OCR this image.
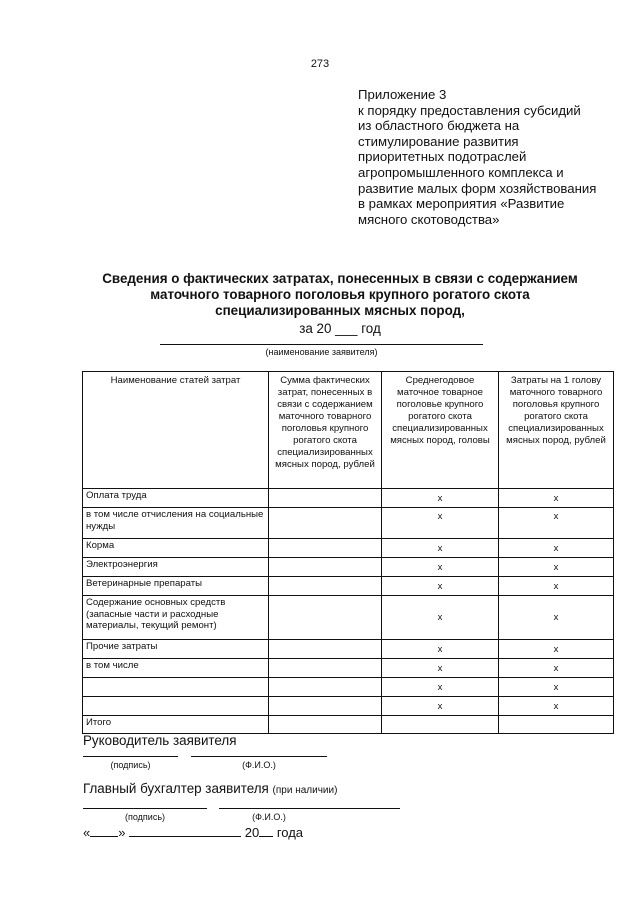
273
Приложение 3
к порядку предоставления субсидий
из областного бюджета на
стимулирование развития
приоритетных подотраслей
агропромышленного комплекса и
развитие малых форм хозяйствования
в рамках мероприятия «Развитие
мясного скотоводства»
Сведения о фактических затратах, понесенных в связи с содержанием
маточного товарного поголовья крупного рогатого скота
специализированных мясных пород,
за 20 ___ год
(наименование заявителя)
Наименование статей затрат	Сумма фактических затрат, понесенных в связи с содержанием маточного товарного поголовья крупного рогатого скота специализированных мясных пород, рублей	Среднегодовое маточное товарное поголовье крупного рогатого скота специализированных мясных пород, головы	Затраты на 1 голову маточного товарного поголовья крупного рогатого скота специализированных мясных пород, рублей
Оплата труда		x	x
в том числе отчисления на социальные нужды		x	x
Корма		x	x
Электроэнергия		x	x
Ветеринарные препараты		x	x
Содержание основных средств (запасные части и расходные материалы, текущий ремонт)		x	x
Прочие затраты		x	x
в том числе		x	x
		x	x
		x	x
Итого			
Руководитель заявителя
(подпись)	(Ф.И.О.)
Главный бухгалтер заявителя (при наличии)
(подпись)	(Ф.И.О.)
« »	20 года
